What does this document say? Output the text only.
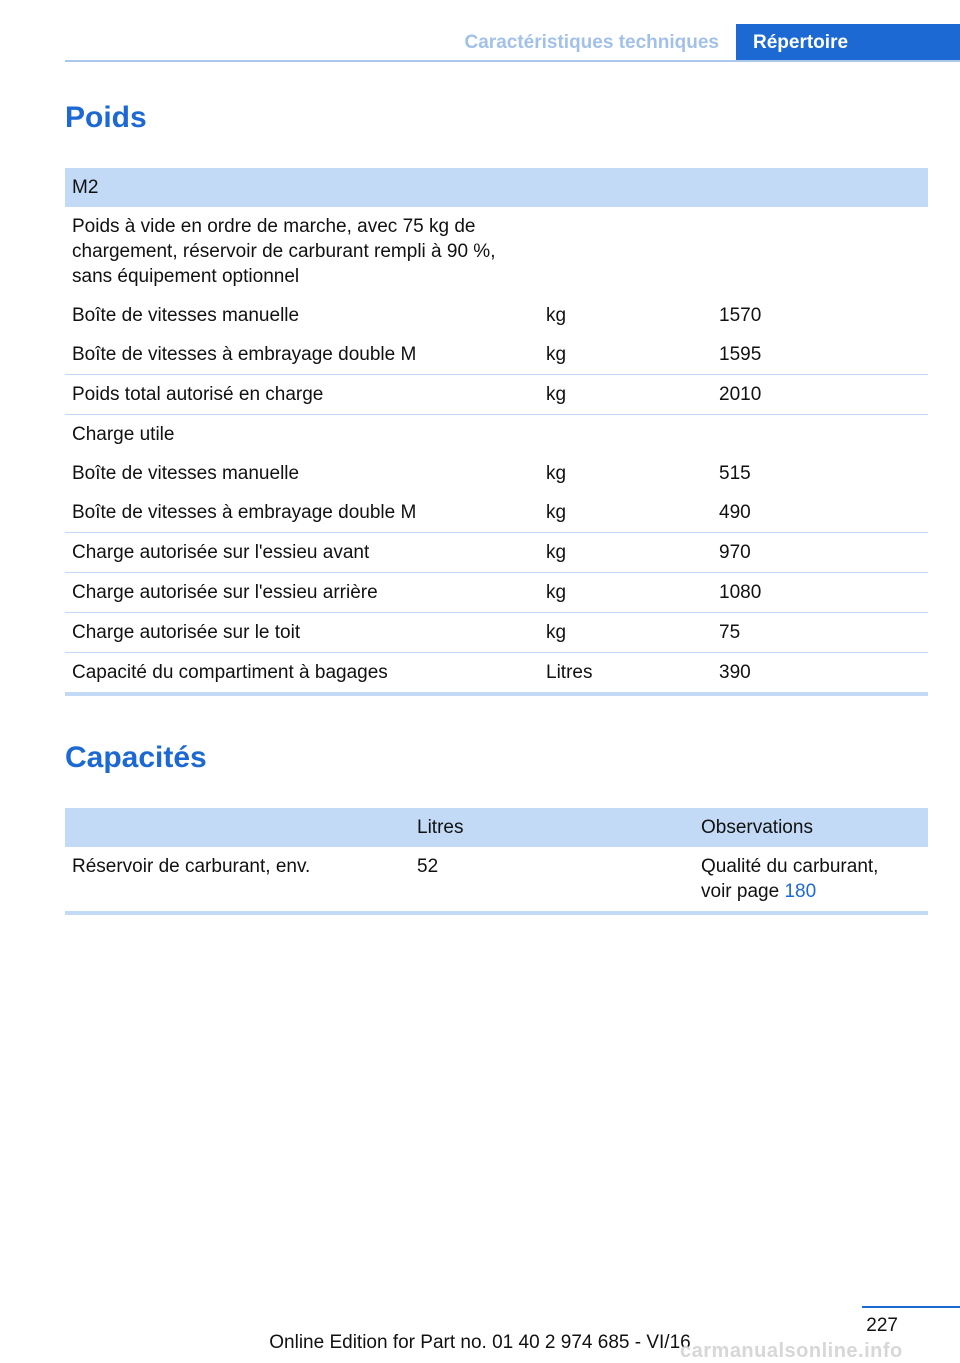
Caractéristiques techniques Répertoire
Poids
M2		
Poids à vide en ordre de marche, avec 75 kg de chargement, réservoir de carburant rempli à 90 %, sans équipement optionnel		
Boîte de vitesses manuelle	kg	1570
Boîte de vitesses à embrayage double M	kg	1595
Poids total autorisé en charge	kg	2010
Charge utile		
Boîte de vitesses manuelle	kg	515
Boîte de vitesses à embrayage double M	kg	490
Charge autorisée sur l'essieu avant	kg	970
Charge autorisée sur l'essieu arrière	kg	1080
Charge autorisée sur le toit	kg	75
Capacité du compartiment à bagages	Litres	390
Capacités
	Litres	Observations
Réservoir de carburant, env.	52	Qualité du carburant,
voir page 180
227
Online Edition for Part no. 01 40 2 974 685 - VI/16
carmanualsonline.info
